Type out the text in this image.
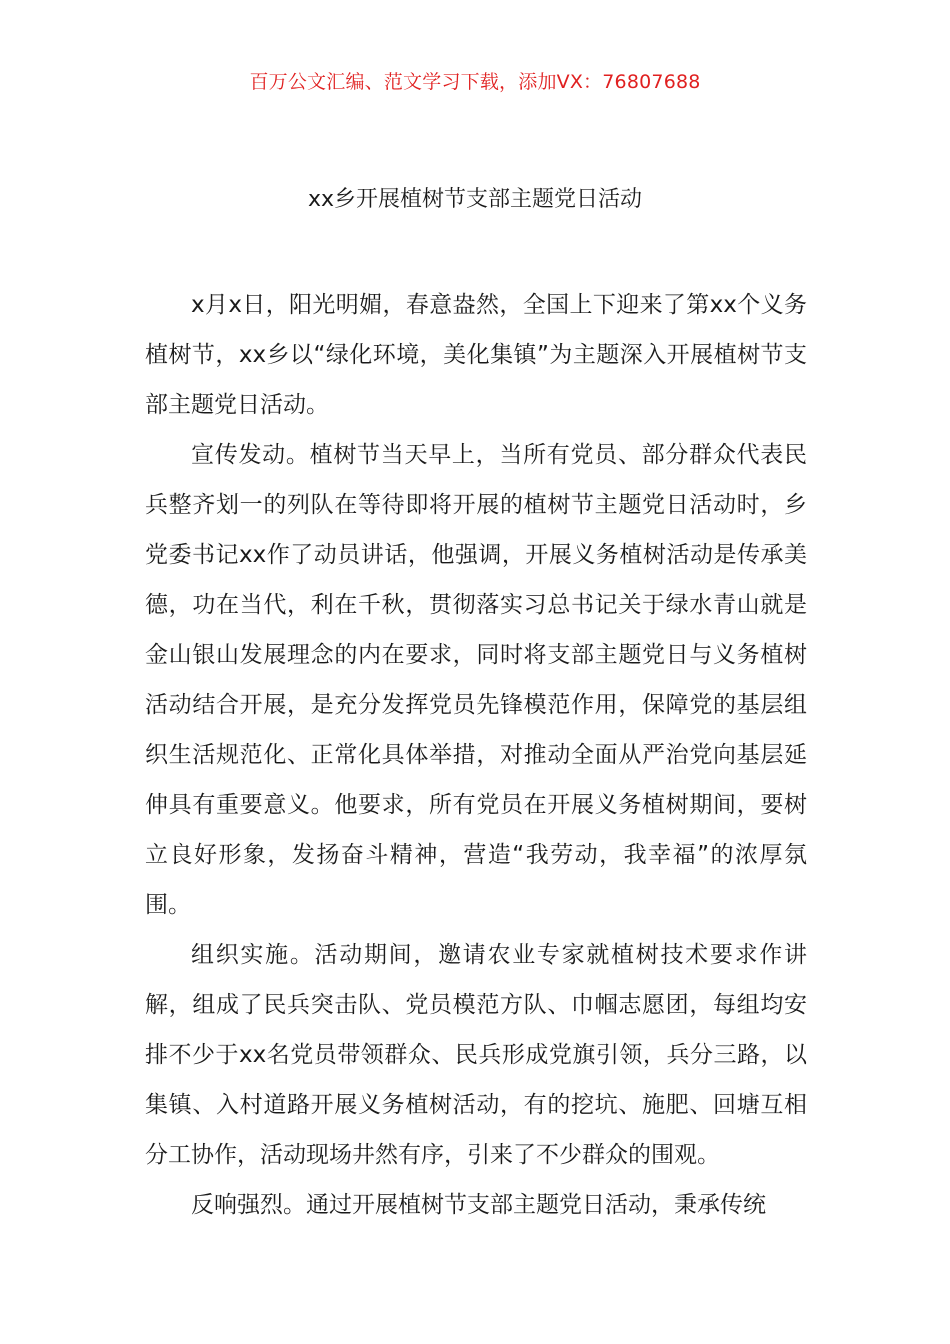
百万公文汇编、范文学习下载，添加VX：76807688
xx乡开展植树节支部主题党日活动

x月x日，阳光明媚，春意盎然，全国上下迎来了第xx个义务植树节，xx乡以“绿化环境，美化集镇”为主题深入开展植树节支部主题党日活动。

宣传发动。植树节当天早上，当所有党员、部分群众代表民兵整齐划一的列队在等待即将开展的植树节主题党日活动时，乡党委书记xx作了动员讲话，他强调，开展义务植树活动是传承美德，功在当代，利在千秋，贯彻落实习总书记关于绿水青山就是金山银山发展理念的内在要求，同时将支部主题党日与义务植树活动结合开展，是充分发挥党员先锋模范作用，保障党的基层组织生活规范化、正常化具体举措，对推动全面从严治党向基层延伸具有重要意义。他要求，所有党员在开展义务植树期间，要树立良好形象，发扬奋斗精神，营造“我劳动，我幸福”的浓厚氛围。

组织实施。活动期间，邀请农业专家就植树技术要求作讲解，组成了民兵突击队、党员模范方队、巾帼志愿团，每组均安排不少于xx名党员带领群众、民兵形成党旗引领，兵分三路，以集镇、入村道路开展义务植树活动，有的挖坑、施肥、回塘互相分工协作，活动现场井然有序，引来了不少群众的围观。

反响强烈。通过开展植树节支部主题党日活动，秉承传统
